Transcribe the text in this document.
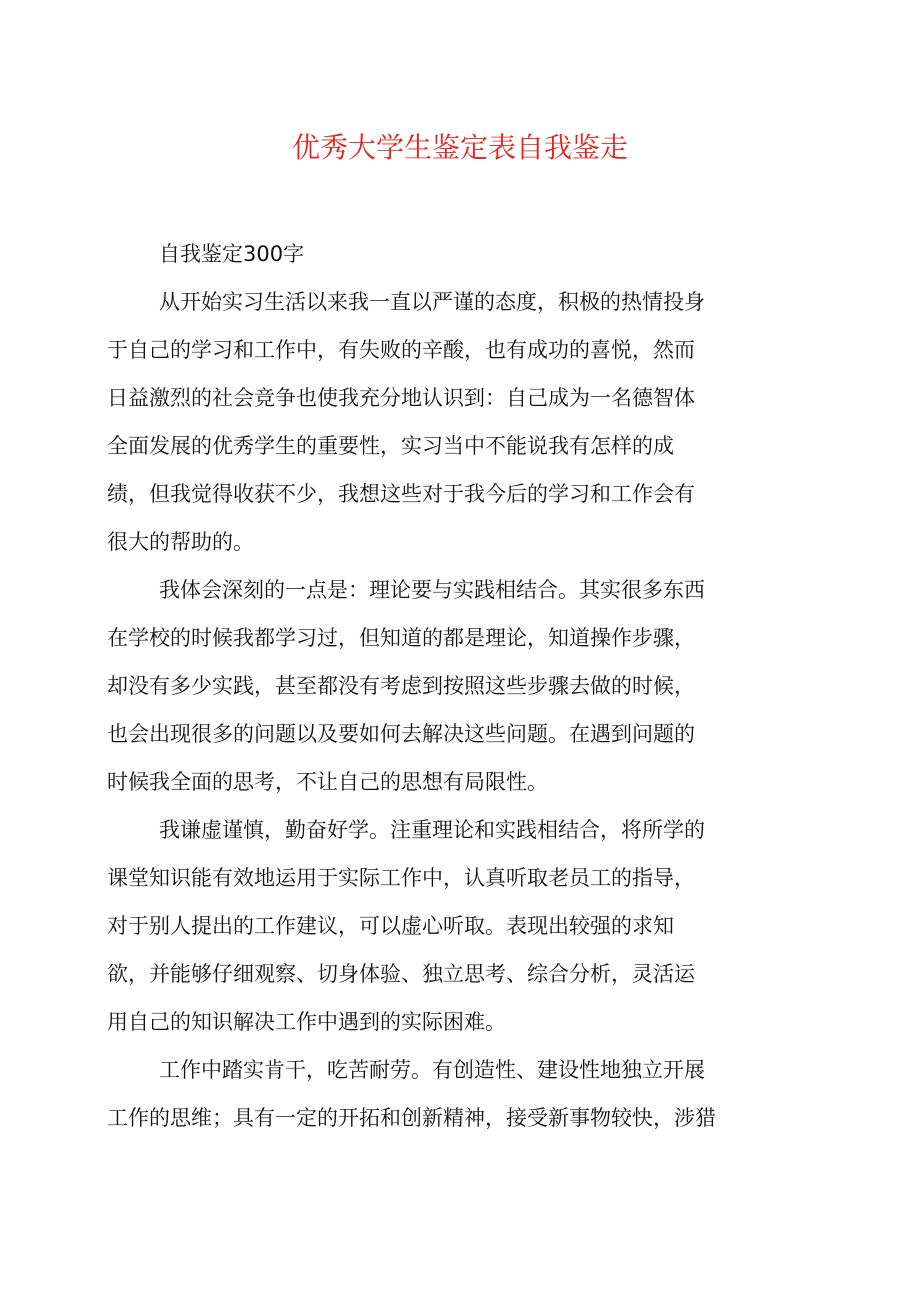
优秀大学生鉴定表自我鉴走
自我鉴定300字
从开始实习生活以来我一直以严谨的态度，积极的热情投身
于自己的学习和工作中，有失败的辛酸，也有成功的喜悦，然而
日益激烈的社会竞争也使我充分地认识到：自己成为一名德智体
全面发展的优秀学生的重要性，实习当中不能说我有怎样的成
绩，但我觉得收获不少，我想这些对于我今后的学习和工作会有
很大的帮助的。
我体会深刻的一点是：理论要与实践相结合。其实很多东西
在学校的时候我都学习过，但知道的都是理论，知道操作步骤，
却没有多少实践，甚至都没有考虑到按照这些步骤去做的时候，
也会出现很多的问题以及要如何去解决这些问题。在遇到问题的
时候我全面的思考，不让自己的思想有局限性。
我谦虚谨慎，勤奋好学。注重理论和实践相结合，将所学的
课堂知识能有效地运用于实际工作中，认真听取老员工的指导，
对于别人提出的工作建议，可以虚心听取。表现出较强的求知
欲，并能够仔细观察、切身体验、独立思考、综合分析，灵活运
用自己的知识解决工作中遇到的实际困难。
工作中踏实肯干，吃苦耐劳。有创造性、建设性地独立开展
工作的思维；具有一定的开拓和创新精神，接受新事物较快，涉猎
